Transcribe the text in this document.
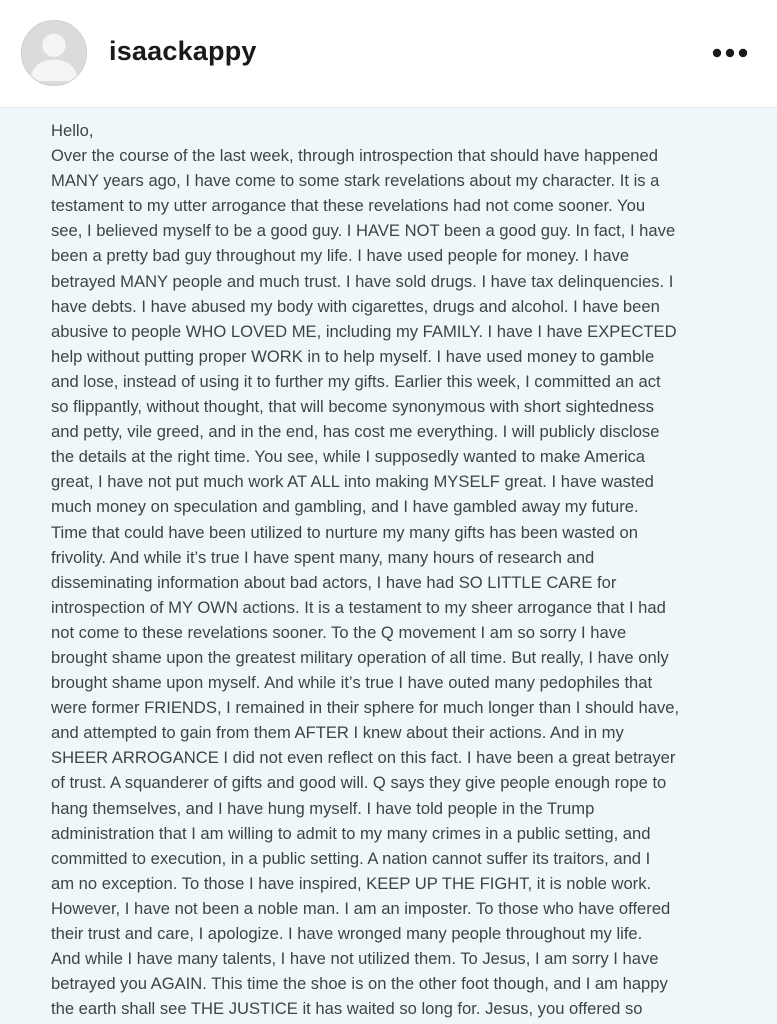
isaackappy
Hello,
Over the course of the last week, through introspection that should have happened
MANY years ago, I have come to some stark revelations about my character. It is a
testament to my utter arrogance that these revelations had not come sooner. You
see, I believed myself to be a good guy. I HAVE NOT been a good guy. In fact, I have
been a pretty bad guy throughout my life. I have used people for money. I have
betrayed MANY people and much trust. I have sold drugs. I have tax delinquencies. I
have debts. I have abused my body with cigarettes, drugs and alcohol. I have been
abusive to people WHO LOVED ME, including my FAMILY. I have I have EXPECTED
help without putting proper WORK in to help myself. I have used money to gamble
and lose, instead of using it to further my gifts. Earlier this week, I committed an act
so flippantly, without thought, that will become synonymous with short sightedness
and petty, vile greed, and in the end, has cost me everything. I will publicly disclose
the details at the right time. You see, while I supposedly wanted to make America
great, I have not put much work AT ALL into making MYSELF great. I have wasted
much money on speculation and gambling, and I have gambled away my future.
Time that could have been utilized to nurture my many gifts has been wasted on
frivolity. And while it’s true I have spent many, many hours of research and
disseminating information about bad actors, I have had SO LITTLE CARE for
introspection of MY OWN actions. It is a testament to my sheer arrogance that I had
not come to these revelations sooner. To the Q movement I am so sorry I have
brought shame upon the greatest military operation of all time. But really, I have only
brought shame upon myself. And while it’s true I have outed many pedophiles that
were former FRIENDS, I remained in their sphere for much longer than I should have,
and attempted to gain from them AFTER I knew about their actions. And in my
SHEER ARROGANCE I did not even reflect on this fact. I have been a great betrayer
of trust. A squanderer of gifts and good will. Q says they give people enough rope to
hang themselves, and I have hung myself. I have told people in the Trump
administration that I am willing to admit to my many crimes in a public setting, and
committed to execution, in a public setting. A nation cannot suffer its traitors, and I
am no exception. To those I have inspired, KEEP UP THE FIGHT, it is noble work.
However, I have not been a noble man. I am an imposter. To those who have offered
their trust and care, I apologize. I have wronged many people throughout my life.
And while I have many talents, I have not utilized them. To Jesus, I am sorry I have
betrayed you AGAIN. This time the shoe is on the other foot though, and I am happy
the earth shall see THE JUSTICE it has waited so long for. Jesus, you offered so
